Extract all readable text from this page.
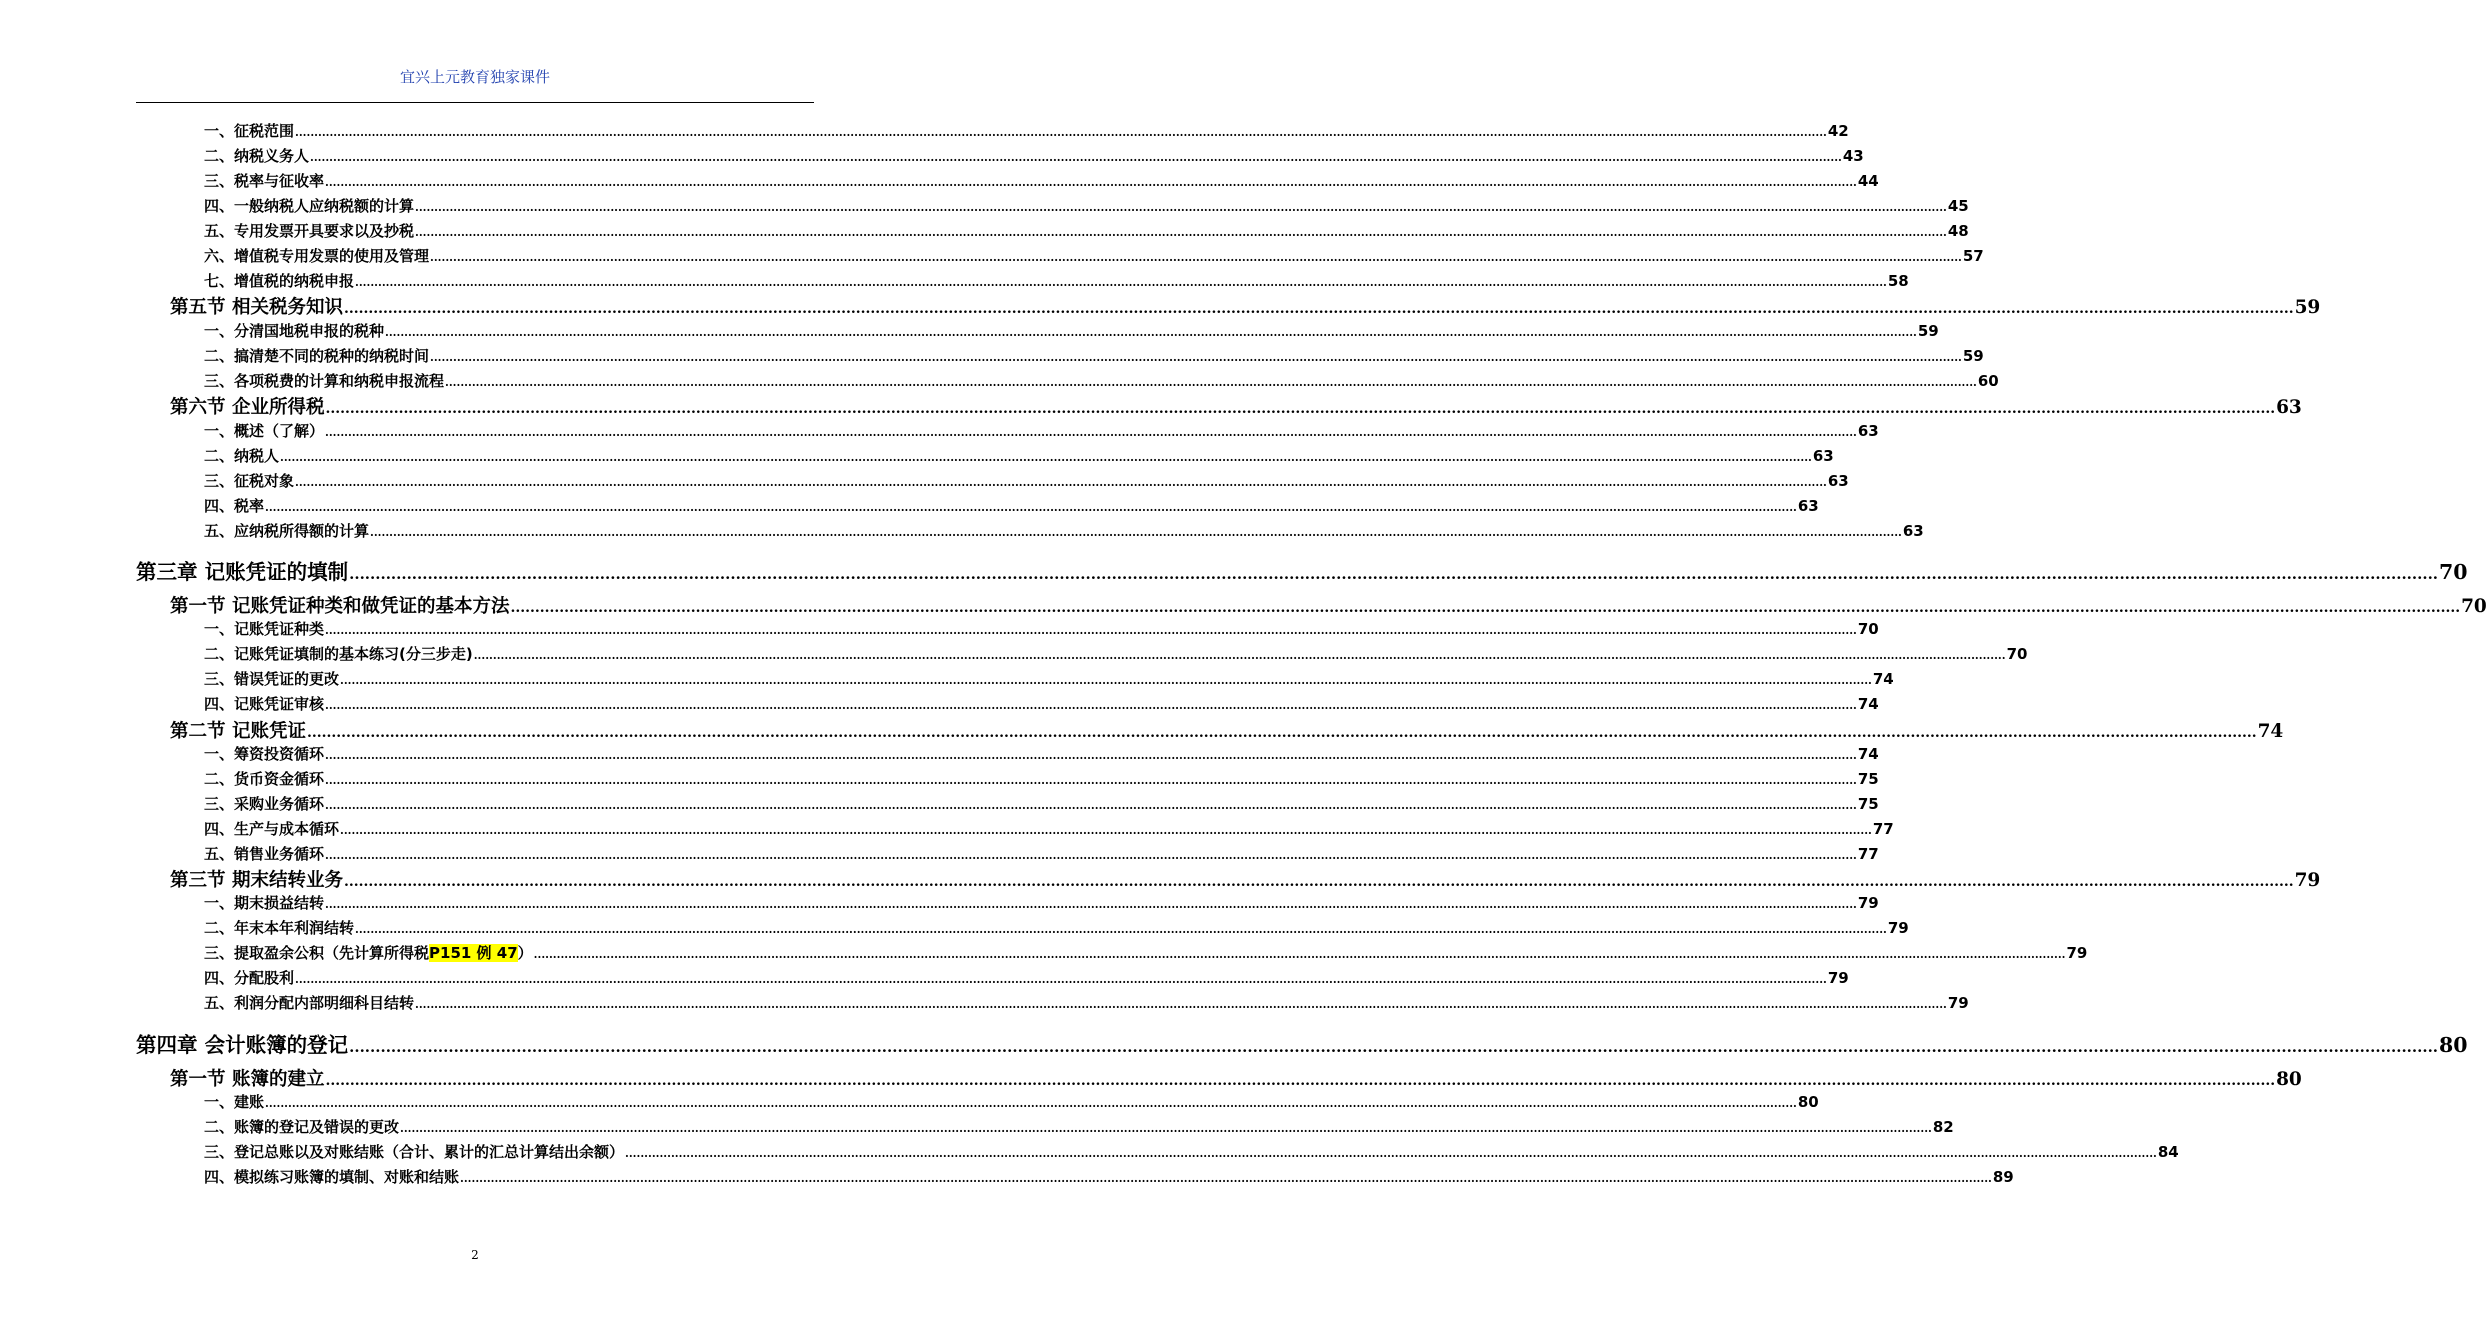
宜兴上元教育独家课件
一、征税范围 ................................................................................................................................................................................................................................................................................................................................................................................................................ 42
二、纳税义务人 ................................................................................................................................................................................................................................................................................................................................................................................................................ 43
三、税率与征收率 ................................................................................................................................................................................................................................................................................................................................................................................................................ 44
四、一般纳税人应纳税额的计算 ................................................................................................................................................................................................................................................................................................................................................................................................................ 45
五、专用发票开具要求以及抄税 ................................................................................................................................................................................................................................................................................................................................................................................................................ 48
六、增值税专用发票的使用及管理 ................................................................................................................................................................................................................................................................................................................................................................................................................ 57
七、增值税的纳税申报 ................................................................................................................................................................................................................................................................................................................................................................................................................ 58
第五节 相关税务知识 ................................................................................................................................................................................................................................................................................................................................................................................................................ 59
一、分清国地税申报的税种 ................................................................................................................................................................................................................................................................................................................................................................................................................ 59
二、搞清楚不同的税种的纳税时间 ................................................................................................................................................................................................................................................................................................................................................................................................................ 59
三、各项税费的计算和纳税申报流程 ................................................................................................................................................................................................................................................................................................................................................................................................................ 60
第六节 企业所得税 ................................................................................................................................................................................................................................................................................................................................................................................................................ 63
一、概述（了解） ................................................................................................................................................................................................................................................................................................................................................................................................................ 63
二、纳税人 ................................................................................................................................................................................................................................................................................................................................................................................................................ 63
三、征税对象 ................................................................................................................................................................................................................................................................................................................................................................................................................ 63
四、税率 ................................................................................................................................................................................................................................................................................................................................................................................................................ 63
五、应纳税所得额的计算 ................................................................................................................................................................................................................................................................................................................................................................................................................ 63
第三章 记账凭证的填制 ................................................................................................................................................................................................................................................................................................................................................................................................................ 70
第一节 记账凭证种类和做凭证的基本方法 ................................................................................................................................................................................................................................................................................................................................................................................................................ 70
一、记账凭证种类 ................................................................................................................................................................................................................................................................................................................................................................................................................ 70
二、记账凭证填制的基本练习(分三步走) ................................................................................................................................................................................................................................................................................................................................................................................................................ 70
三、错误凭证的更改 ................................................................................................................................................................................................................................................................................................................................................................................................................ 74
四、记账凭证审核 ................................................................................................................................................................................................................................................................................................................................................................................................................ 74
第二节 记账凭证 ................................................................................................................................................................................................................................................................................................................................................................................................................ 74
一、筹资投资循环 ................................................................................................................................................................................................................................................................................................................................................................................................................ 74
二、货币资金循环 ................................................................................................................................................................................................................................................................................................................................................................................................................ 75
三、采购业务循环 ................................................................................................................................................................................................................................................................................................................................................................................................................ 75
四、生产与成本循环 ................................................................................................................................................................................................................................................................................................................................................................................................................ 77
五、销售业务循环 ................................................................................................................................................................................................................................................................................................................................................................................................................ 77
第三节 期末结转业务 ................................................................................................................................................................................................................................................................................................................................................................................................................ 79
一、期末损益结转 ................................................................................................................................................................................................................................................................................................................................................................................................................ 79
二、年末本年利润结转 ................................................................................................................................................................................................................................................................................................................................................................................................................ 79
三、提取盈余公积（先计算所得税P151 例 47） ................................................................................................................................................................................................................................................................................................................................................................................................................ 79
四、分配股利 ................................................................................................................................................................................................................................................................................................................................................................................................................ 79
五、利润分配内部明细科目结转 ................................................................................................................................................................................................................................................................................................................................................................................................................ 79
第四章 会计账簿的登记 ................................................................................................................................................................................................................................................................................................................................................................................................................ 80
第一节 账簿的建立 ................................................................................................................................................................................................................................................................................................................................................................................................................ 80
一、建账 ................................................................................................................................................................................................................................................................................................................................................................................................................ 80
二、账簿的登记及错误的更改 ................................................................................................................................................................................................................................................................................................................................................................................................................ 82
三、登记总账以及对账结账（合计、累计的汇总计算结出余额） ................................................................................................................................................................................................................................................................................................................................................................................................................ 84
四、模拟练习账簿的填制、对账和结账 ................................................................................................................................................................................................................................................................................................................................................................................................................ 89
2
